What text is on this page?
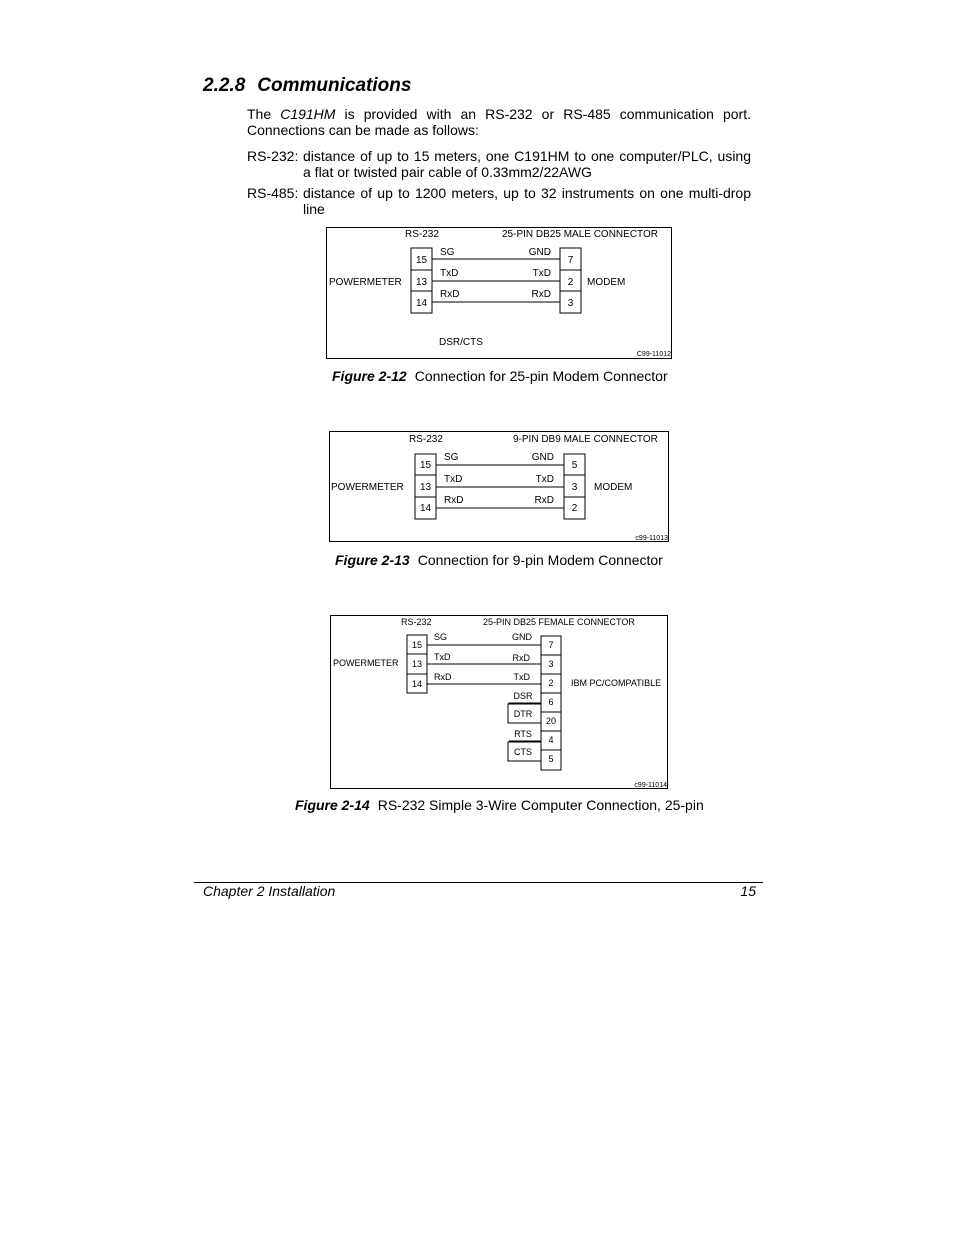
2.2.8 Communications
The C191HM is provided with an RS-232 or RS-485 communication port. Connections can be made as follows:
RS-232: distance of up to 15 meters, one C191HM to one computer/PLC, using
a flat or twisted pair cable of 0.33mm2/22AWG
RS-485: distance of up to 1200 meters, up to 32 instruments on one multi-drop
line
RS-232	25-PIN DB25 MALE CONNECTOR
POWERMETER	MODEM
15
13
14
7
2
3
SG
TxD
RxD
GND
TxD
RxD
DSR/CTS
C99-11012
Figure 2-12 Connection for 25-pin Modem Connector
RS-232	9-PIN DB9 MALE CONNECTOR
POWERMETER	MODEM
15
13
14
5
3
2
SG
TxD
RxD
GND
TxD
RxD
c99-11013
Figure 2-13 Connection for 9-pin Modem Connector
RS-232	25-PIN DB25 FEMALE CONNECTOR
POWERMETER
IBM PC/COMPATIBLE
15
13
14
7
3
2
6
20
4
5
SG
TxD
RxD
GND
RxD
TxD
DSR
DTR
RTS
CTS
c99-11014
Figure 2-14 RS-232 Simple 3-Wire Computer Connection, 25-pin
Chapter 2 Installation	15
